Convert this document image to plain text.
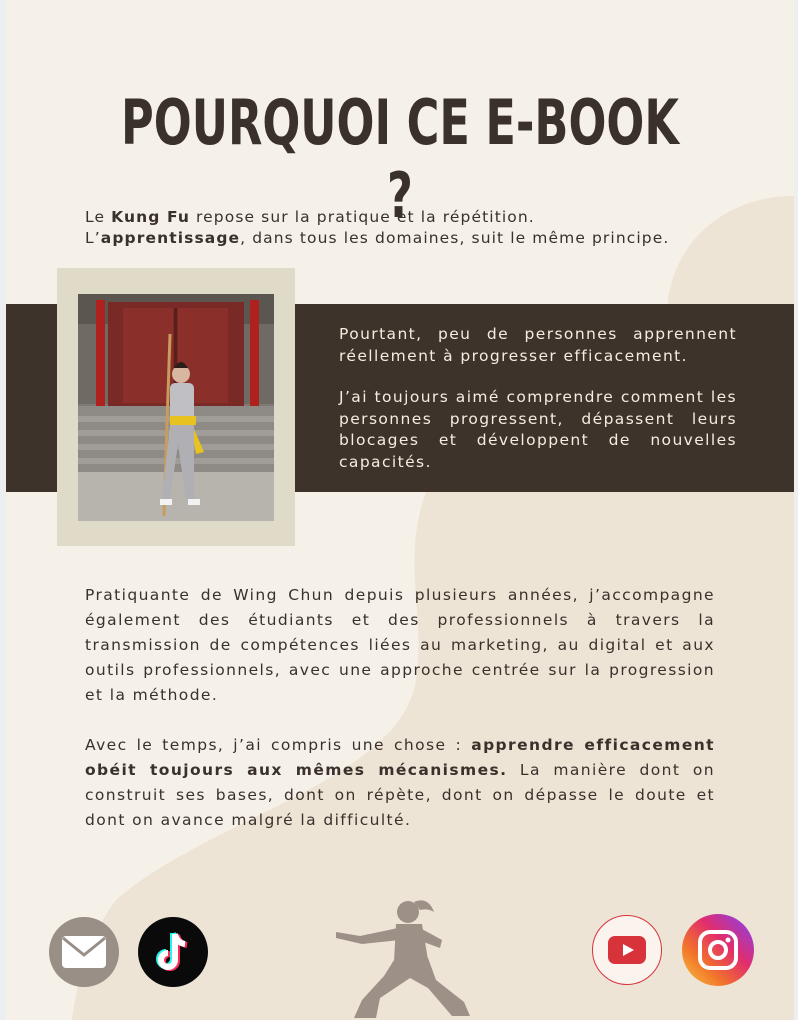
POURQUOI CE E-BOOK ?
Le Kung Fu repose sur la pratique et la répétition.
L’apprentissage, dans tous les domaines, suit le même principe.

Pourtant, peu de personnes apprennent réellement à progresser efficacement.

J’ai toujours aimé comprendre comment les personnes progressent, dépassent leurs blocages et développent de nouvelles capacités.

Pratiquante de Wing Chun depuis plusieurs années, j’accompagne également des étudiants et des professionnels à travers la transmission de compétences liées au marketing, au digital et aux outils professionnels, avec une approche centrée sur la progression et la méthode.

Avec le temps, j’ai compris une chose : apprendre efficacement obéit toujours aux mêmes mécanismes. La manière dont on construit ses bases, dont on répète, dont on dépasse le doute et dont on avance malgré la difficulté.
